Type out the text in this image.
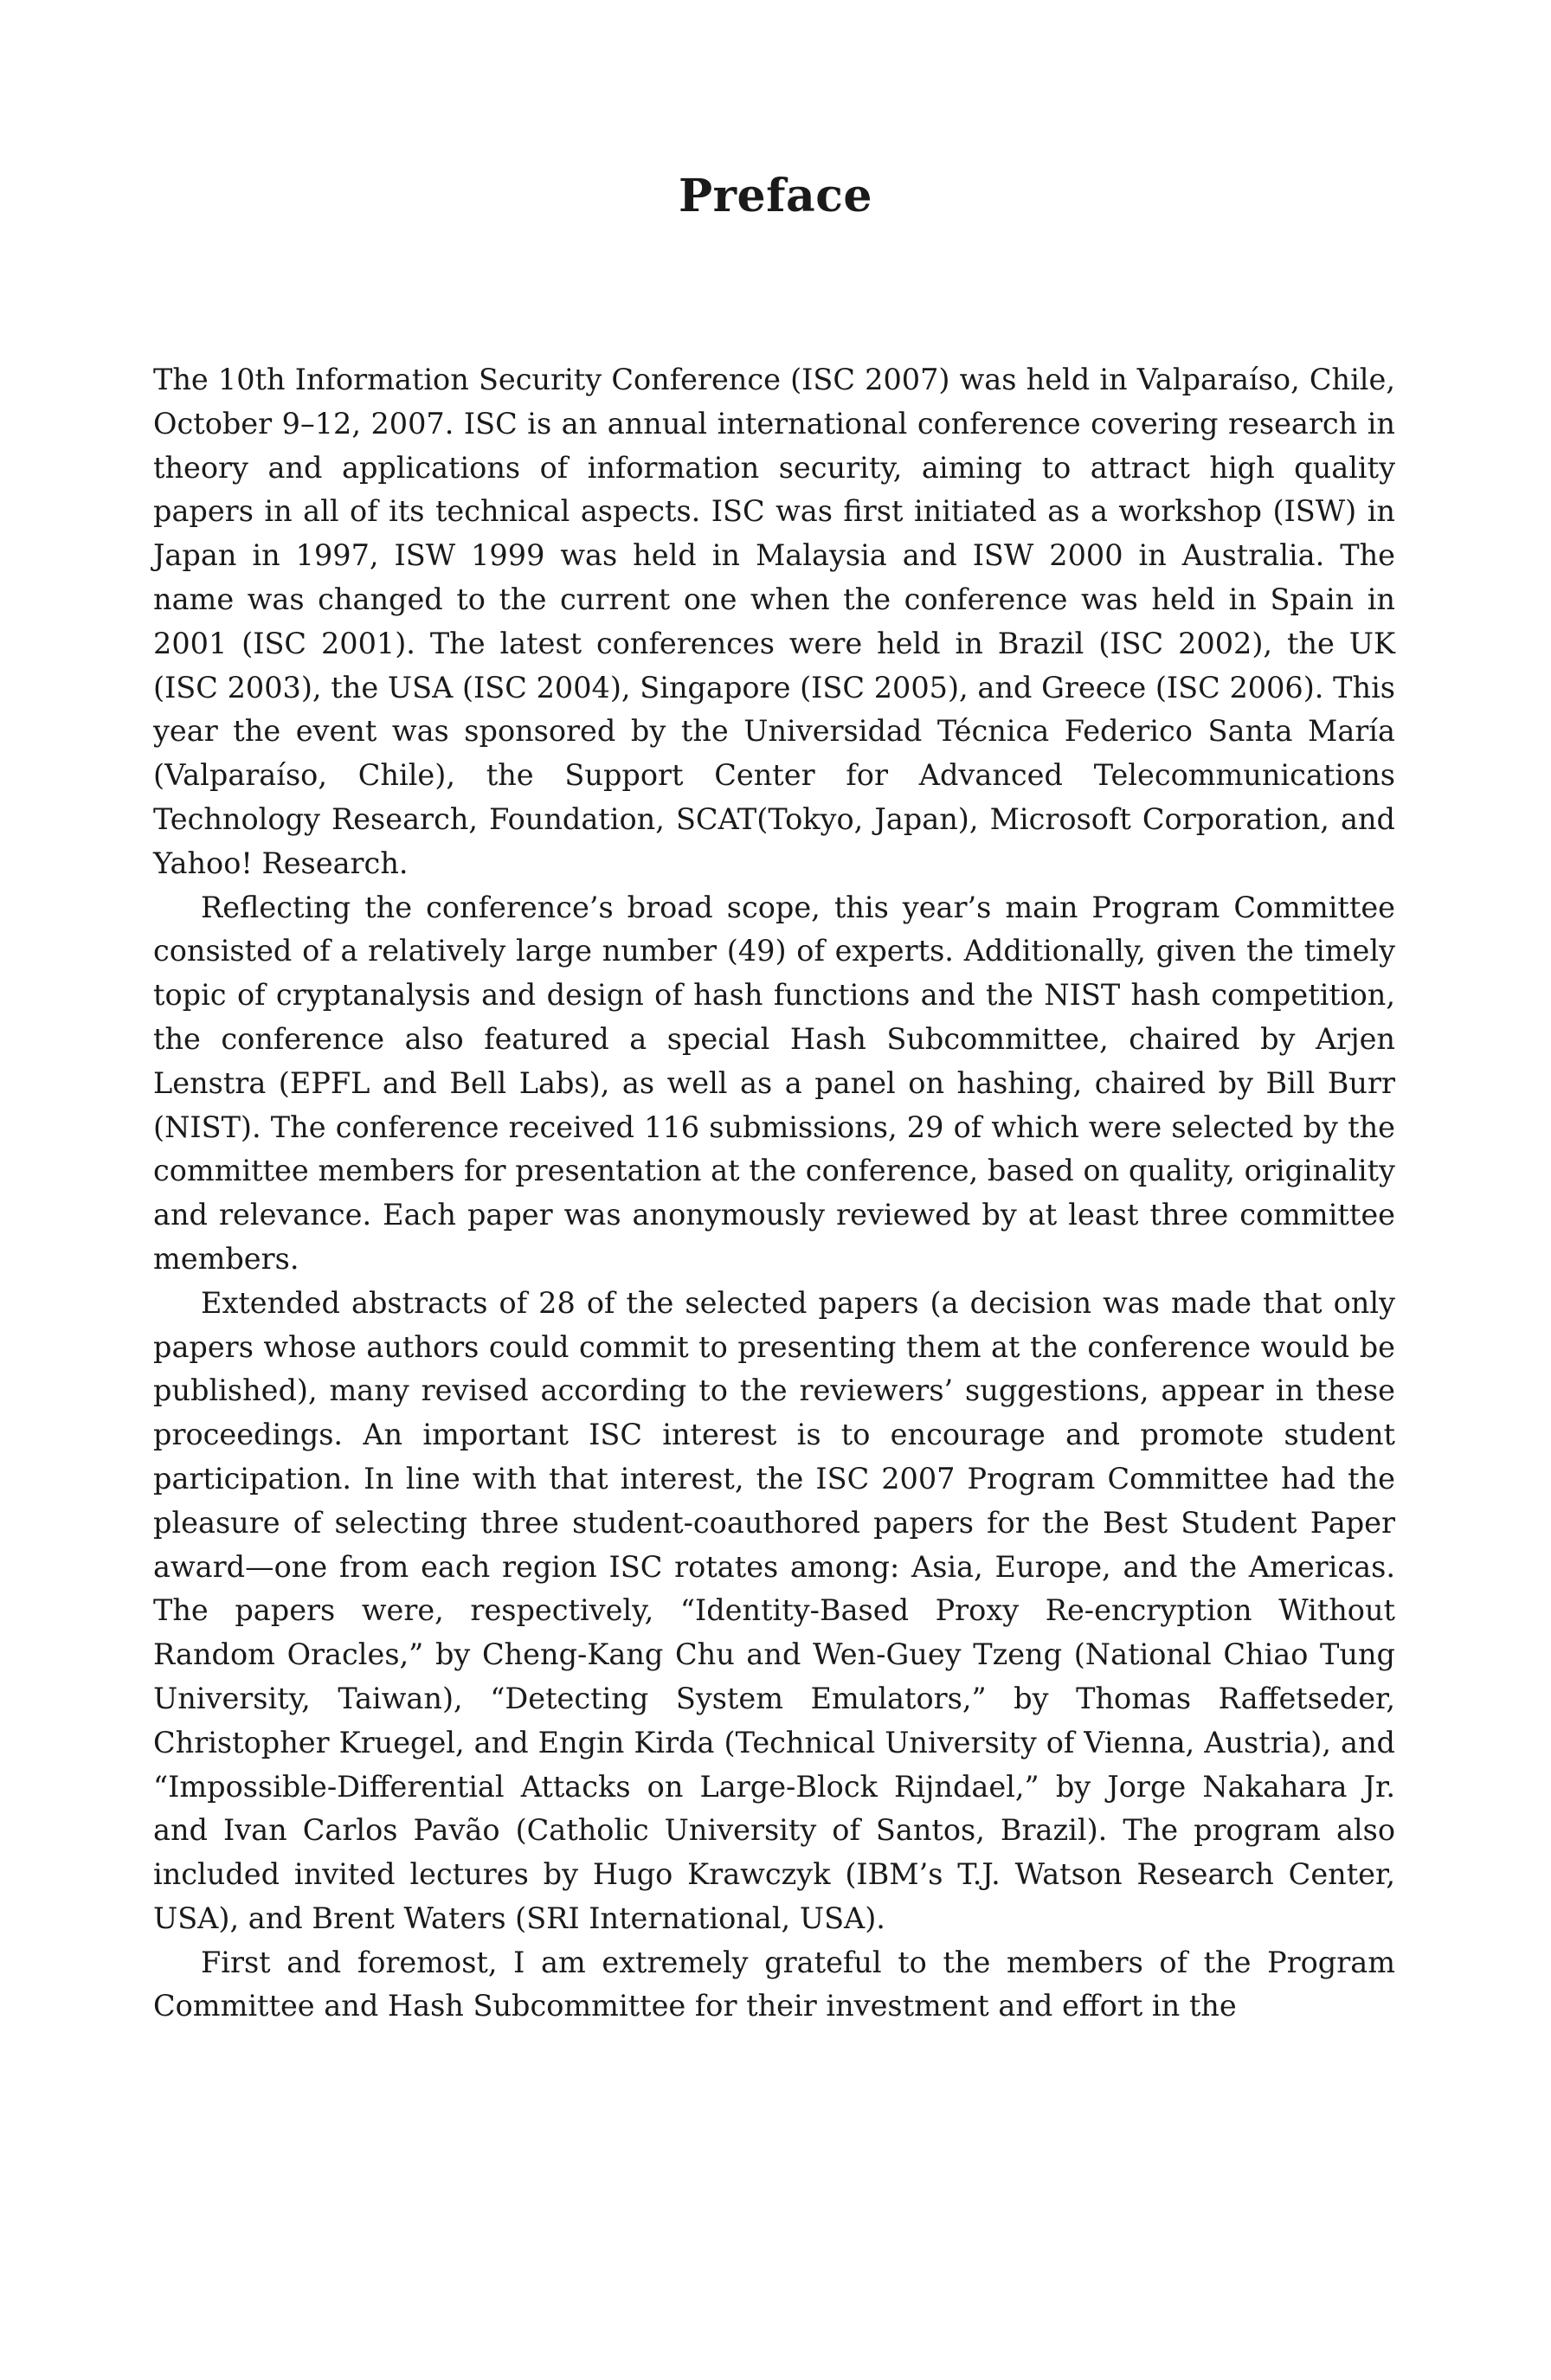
Preface

The 10th Information Security Conference (ISC 2007) was held in Valparaíso, Chile, October 9–12, 2007. ISC is an annual international conference covering research in theory and applications of information security, aiming to attract high quality papers in all of its technical aspects. ISC was first initiated as a workshop (ISW) in Japan in 1997, ISW 1999 was held in Malaysia and ISW 2000 in Australia. The name was changed to the current one when the conference was held in Spain in 2001 (ISC 2001). The latest conferences were held in Brazil (ISC 2002), the UK (ISC 2003), the USA (ISC 2004), Singapore (ISC 2005), and Greece (ISC 2006). This year the event was sponsored by the Universidad Técnica Federico Santa María (Valparaíso, Chile), the Support Center for Advanced Telecommunications Technology Research, Foundation, SCAT(Tokyo, Japan), Microsoft Corporation, and Yahoo! Research.

Reflecting the conference’s broad scope, this year’s main Program Committee consisted of a relatively large number (49) of experts. Additionally, given the timely topic of cryptanalysis and design of hash functions and the NIST hash competition, the conference also featured a special Hash Subcommittee, chaired by Arjen Lenstra (EPFL and Bell Labs), as well as a panel on hashing, chaired by Bill Burr (NIST). The conference received 116 submissions, 29 of which were selected by the committee members for presentation at the conference, based on quality, originality and relevance. Each paper was anonymously reviewed by at least three committee members.

Extended abstracts of 28 of the selected papers (a decision was made that only papers whose authors could commit to presenting them at the conference would be published), many revised according to the reviewers’ suggestions, appear in these proceedings. An important ISC interest is to encourage and promote student participation. In line with that interest, the ISC 2007 Program Committee had the pleasure of selecting three student-coauthored papers for the Best Student Paper award—one from each region ISC rotates among: Asia, Europe, and the Americas. The papers were, respectively, “Identity-Based Proxy Re-encryption Without Random Oracles,” by Cheng-Kang Chu and Wen-Guey Tzeng (National Chiao Tung University, Taiwan), “Detecting System Emulators,” by Thomas Raffetseder, Christopher Kruegel, and Engin Kirda (Technical University of Vienna, Austria), and “Impossible-Differential Attacks on Large-Block Rijndael,” by Jorge Nakahara Jr. and Ivan Carlos Pavão (Catholic University of Santos, Brazil). The program also included invited lectures by Hugo Krawczyk (IBM’s T.J. Watson Research Center, USA), and Brent Waters (SRI International, USA).

First and foremost, I am extremely grateful to the members of the Program Committee and Hash Subcommittee for their investment and effort in the
